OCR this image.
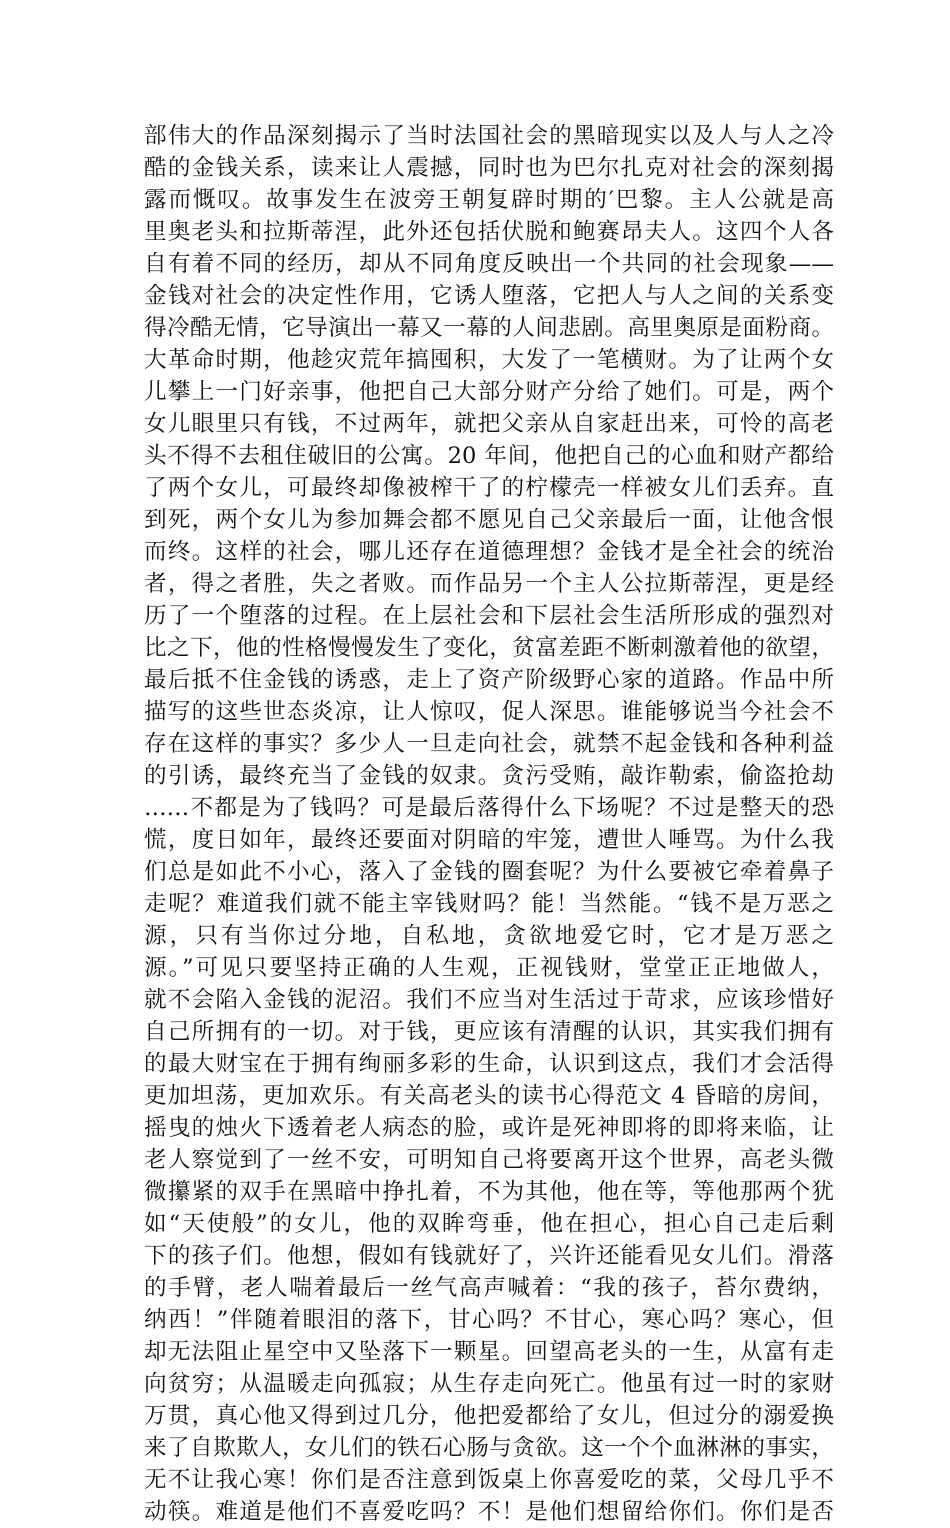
部伟大的作品深刻揭示了当时法国社会的黑暗现实以及人与人之冷
酷的金钱关系，读来让人震撼，同时也为巴尔扎克对社会的深刻揭
露而慨叹。故事发生在波旁王朝复辟时期的′巴黎。主人公就是高
里奥老头和拉斯蒂涅，此外还包括伏脱和鲍赛昂夫人。这四个人各
自有着不同的经历，却从不同角度反映出一个共同的社会现象——
金钱对社会的决定性作用，它诱人堕落，它把人与人之间的关系变
得冷酷无情，它导演出一幕又一幕的人间悲剧。高里奥原是面粉商。
大革命时期，他趁灾荒年搞囤积，大发了一笔横财。为了让两个女
儿攀上一门好亲事，他把自己大部分财产分给了她们。可是，两个
女儿眼里只有钱，不过两年，就把父亲从自家赶出来，可怜的高老
头不得不去租住破旧的公寓。20 年间，他把自己的心血和财产都给
了两个女儿，可最终却像被榨干了的柠檬壳一样被女儿们丢弃。直
到死，两个女儿为参加舞会都不愿见自己父亲最后一面，让他含恨
而终。这样的社会，哪儿还存在道德理想？金钱才是全社会的统治
者，得之者胜，失之者败。而作品另一个主人公拉斯蒂涅，更是经
历了一个堕落的过程。在上层社会和下层社会生活所形成的强烈对
比之下，他的性格慢慢发生了变化，贫富差距不断刺激着他的欲望，
最后抵不住金钱的诱惑，走上了资产阶级野心家的道路。作品中所
描写的这些世态炎凉，让人惊叹，促人深思。谁能够说当今社会不
存在这样的事实？多少人一旦走向社会，就禁不起金钱和各种利益
的引诱，最终充当了金钱的奴隶。贪污受贿，敲诈勒索，偷盗抢劫
……不都是为了钱吗？可是最后落得什么下场呢？不过是整天的恐
慌，度日如年，最终还要面对阴暗的牢笼，遭世人唾骂。为什么我
们总是如此不小心，落入了金钱的圈套呢？为什么要被它牵着鼻子
走呢？难道我们就不能主宰钱财吗？能！当然能。“钱不是万恶之
源，只有当你过分地，自私地，贪欲地爱它时，它才是万恶之
源。”可见只要坚持正确的人生观，正视钱财，堂堂正正地做人，
就不会陷入金钱的泥沼。我们不应当对生活过于苛求，应该珍惜好
自己所拥有的一切。对于钱，更应该有清醒的认识，其实我们拥有
的最大财宝在于拥有绚丽多彩的生命，认识到这点，我们才会活得
更加坦荡，更加欢乐。有关高老头的读书心得范文 4 昏暗的房间，
摇曳的烛火下透着老人病态的脸，或许是死神即将的即将来临，让
老人察觉到了一丝不安，可明知自己将要离开这个世界，高老头微
微攥紧的双手在黑暗中挣扎着，不为其他，他在等，等他那两个犹
如“天使般”的女儿，他的双眸弯垂，他在担心，担心自己走后剩
下的孩子们。他想，假如有钱就好了，兴许还能看见女儿们。滑落
的手臂，老人喘着最后一丝气高声喊着：“我的孩子，苔尔费纳，
纳西！”伴随着眼泪的落下，甘心吗？不甘心，寒心吗？寒心，但
却无法阻止星空中又坠落下一颗星。回望高老头的一生，从富有走
向贫穷；从温暖走向孤寂；从生存走向死亡。他虽有过一时的家财
万贯，真心他又得到过几分，他把爱都给了女儿，但过分的溺爱换
来了自欺欺人，女儿们的铁石心肠与贪欲。这一个个血淋淋的事实，
无不让我心寒！你们是否注意到饭桌上你喜爱吃的菜，父母几乎不
动筷。难道是他们不喜爱吃吗？不！是他们想留给你们。你们是否
